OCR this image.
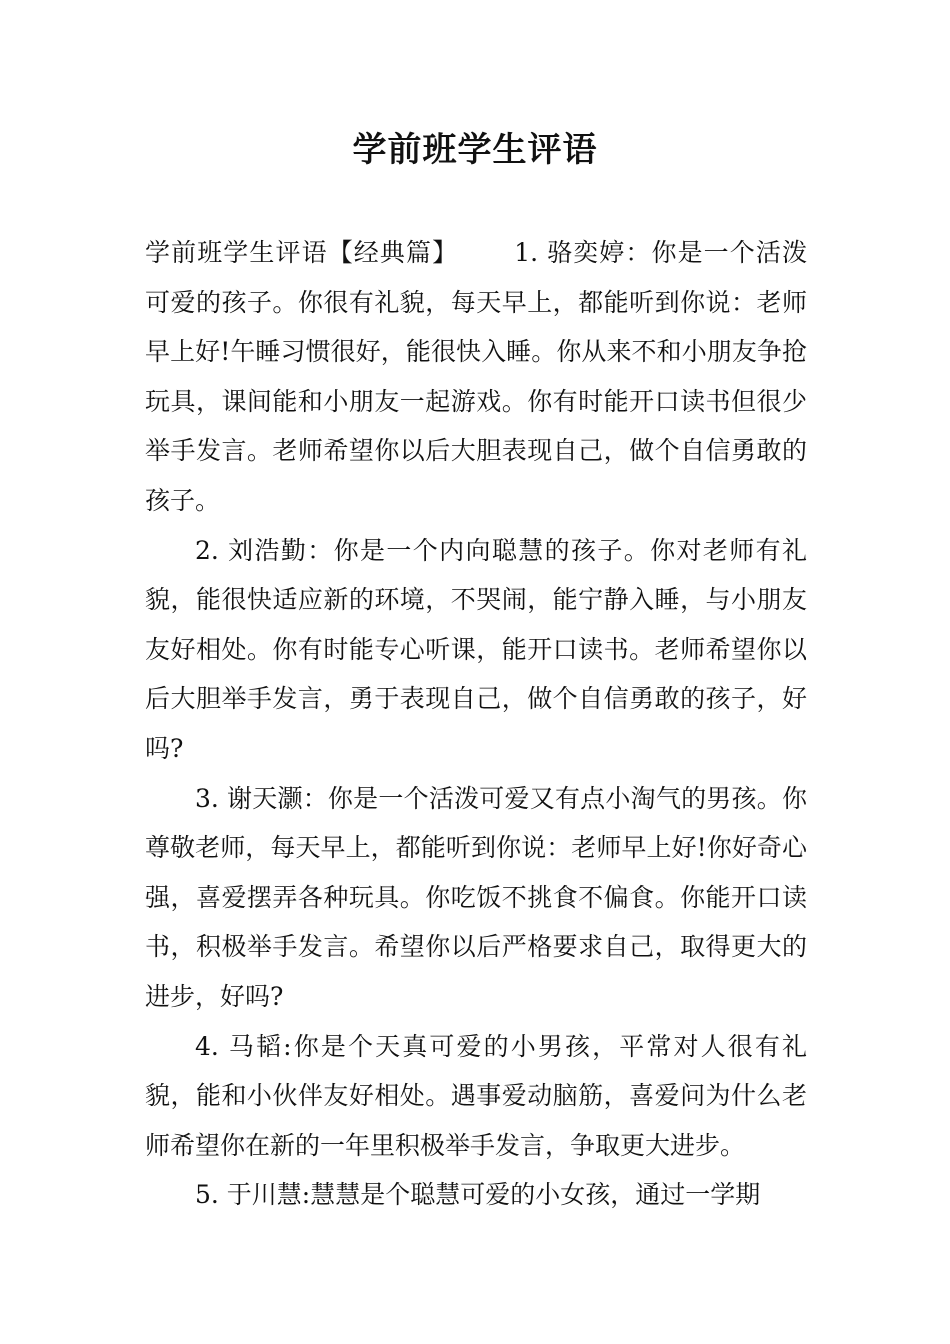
学前班学生评语

学前班学生评语【经典篇】 1. 骆奕婷：你是一个活泼可爱的孩子。你很有礼貌，每天早上，都能听到你说：老师早上好!午睡习惯很好，能很快入睡。你从来不和小朋友争抢玩具，课间能和小朋友一起游戏。你有时能开口读书但很少举手发言。老师希望你以后大胆表现自己，做个自信勇敢的孩子。

2. 刘浩勤：你是一个内向聪慧的孩子。你对老师有礼貌，能很快适应新的环境，不哭闹，能宁静入睡，与小朋友友好相处。你有时能专心听课，能开口读书。老师希望你以后大胆举手发言，勇于表现自己，做个自信勇敢的孩子，好吗?

3. 谢天灏：你是一个活泼可爱又有点小淘气的男孩。你尊敬老师，每天早上，都能听到你说：老师早上好!你好奇心强，喜爱摆弄各种玩具。你吃饭不挑食不偏食。你能开口读书，积极举手发言。希望你以后严格要求自己，取得更大的进步，好吗?

4. 马韬:你是个天真可爱的小男孩，平常对人很有礼貌，能和小伙伴友好相处。遇事爱动脑筋，喜爱问为什么老师希望你在新的一年里积极举手发言，争取更大进步。

5. 于川慧:慧慧是个聪慧可爱的小女孩，通过一学期
